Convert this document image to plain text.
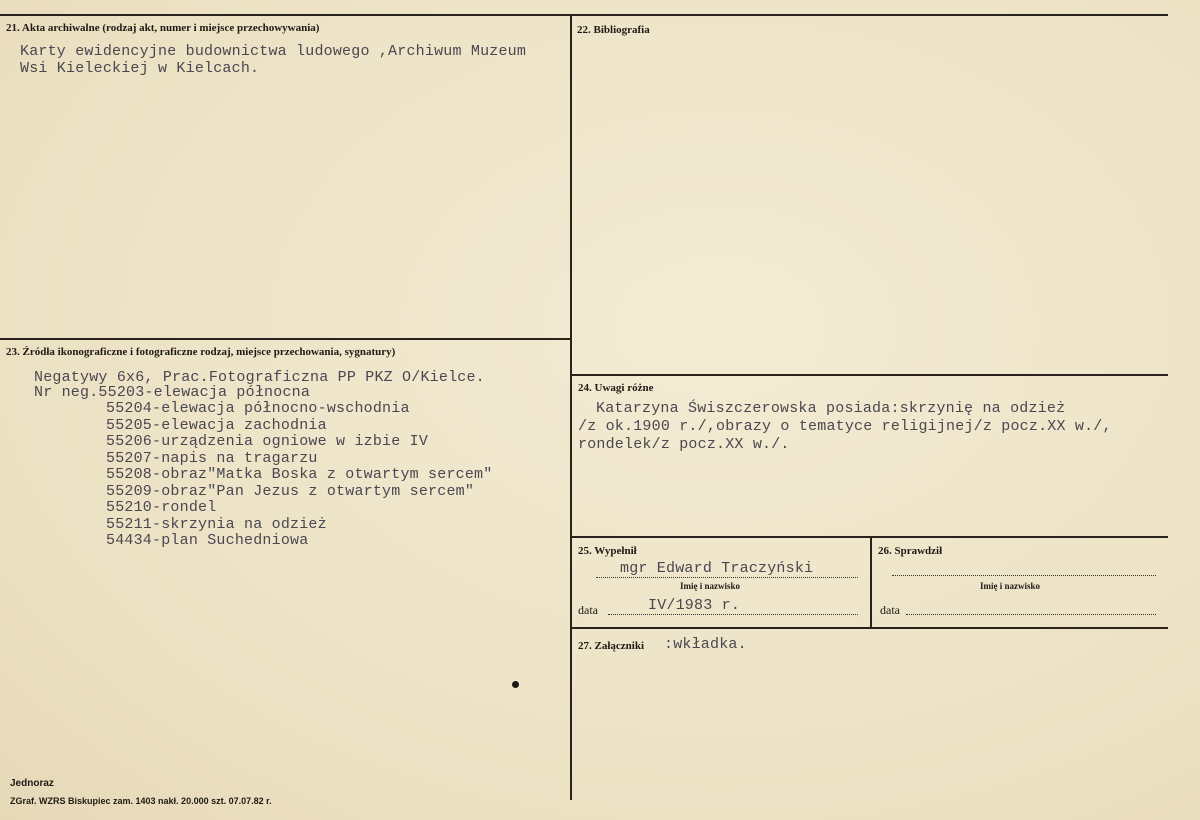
21. Akta archiwalne (rodzaj akt, numer i miejsce przechowywania)
Karty ewidencyjne budownictwa ludowego ,Archiwum Muzeum
Wsi Kieleckiej w Kielcach.
22. Bibliografia
23. Źródła ikonograficzne i fotograficzne rodzaj, miejsce przechowania, sygnatury)
Negatywy 6x6, Prac.Fotograficzna PP PKZ O/Kielce.
Nr neg.55203-elewacja północna
55204-elewacja północno-wschodnia
55205-elewacja zachodnia
55206-urządzenia ogniowe w izbie IV
55207-napis na tragarzu
55208-obraz"Matka Boska z otwartym sercem"
55209-obraz"Pan Jezus z otwartym sercem"
55210-rondel
55211-skrzynia na odzież
54434-plan Suchedniowa
24. Uwagi różne
Katarzyna Świszczerowska posiada:skrzynię na odzież
/z ok.1900 r./,obrazy o tematyce religijnej/z pocz.XX w./,
rondelek/z pocz.XX w./.
25. Wypełnił
mgr Edward Traczyński
Imię i nazwisko
data	IV/1983 r.
26. Sprawdził
Imię i nazwisko
data
27. Załączniki :wkładka.
Jednoraz
ZGraf. WZRS Biskupiec zam. 1403 nakł. 20.000 szt. 07.07.82 r.
